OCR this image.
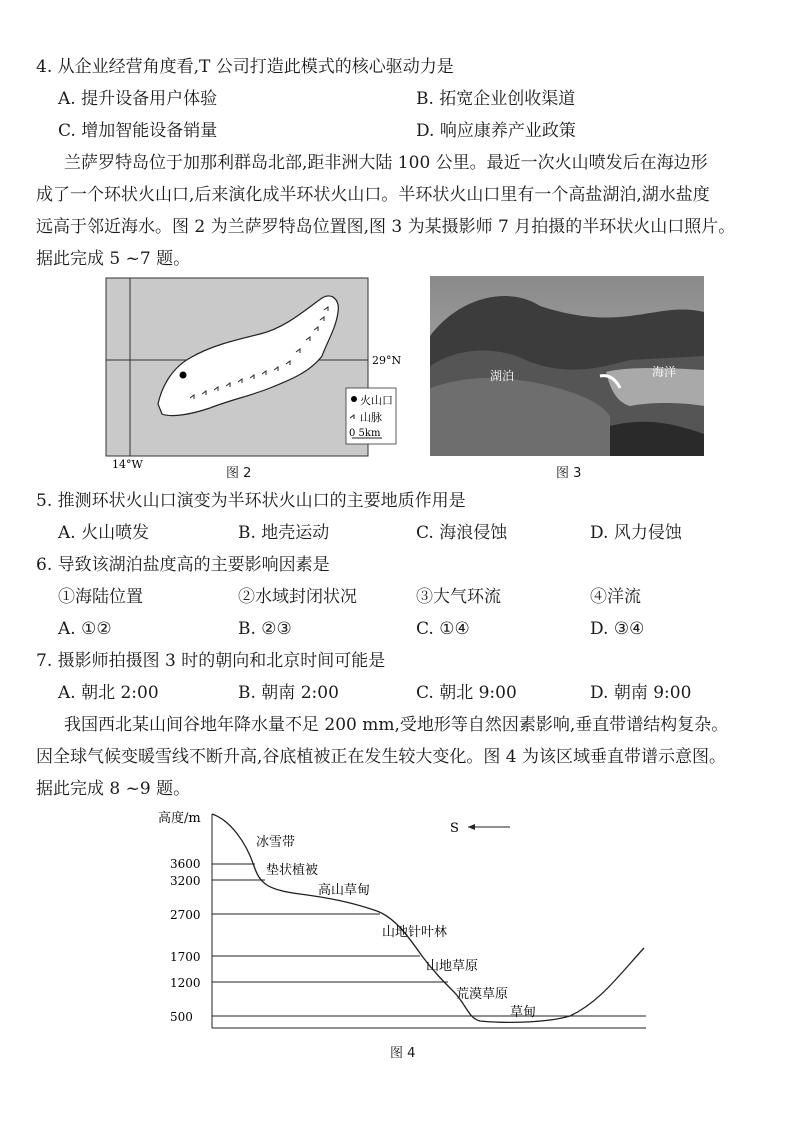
4. 从企业经营角度看,T 公司打造此模式的核心驱动力是
A. 提升设备用户体验	B. 拓宽企业创收渠道
C. 增加智能设备销量	D. 响应康养产业政策
兰萨罗特岛位于加那利群岛北部,距非洲大陆 100 公里。最近一次火山喷发后在海边形
成了一个环状火山口,后来演化成半环状火山口。半环状火山口里有一个高盐湖泊,湖水盐度
远高于邻近海水。图 2 为兰萨罗特岛位置图,图 3 为某摄影师 7 月拍摄的半环状火山口照片。
据此完成 5 ~7 题。
火山口
山脉
0 5km
29°N
14°W
图 2
湖泊	海洋
图 3
5. 推测环状火山口演变为半环状火山口的主要地质作用是
A. 火山喷发	B. 地壳运动	C. 海浪侵蚀	D. 风力侵蚀
6. 导致该湖泊盐度高的主要影响因素是
①海陆位置	②水域封闭状况	③大气环流	④洋流
A. ①②	B. ②③	C. ①④	D. ③④
7. 摄影师拍摄图 3 时的朝向和北京时间可能是
A. 朝北 2:00	B. 朝南 2:00	C. 朝北 9:00	D. 朝南 9:00
我国西北某山间谷地年降水量不足 200 mm,受地形等自然因素影响,垂直带谱结构复杂。
因全球气候变暖雪线不断升高,谷底植被正在发生较大变化。图 4 为该区域垂直带谱示意图。
据此完成 8 ~9 题。
高度/m
3600
3200
2700
1700
1200
500
冰雪带
垫状植被
高山草甸
山地针叶林
山地草原
荒漠草原
草甸
S
图 4
